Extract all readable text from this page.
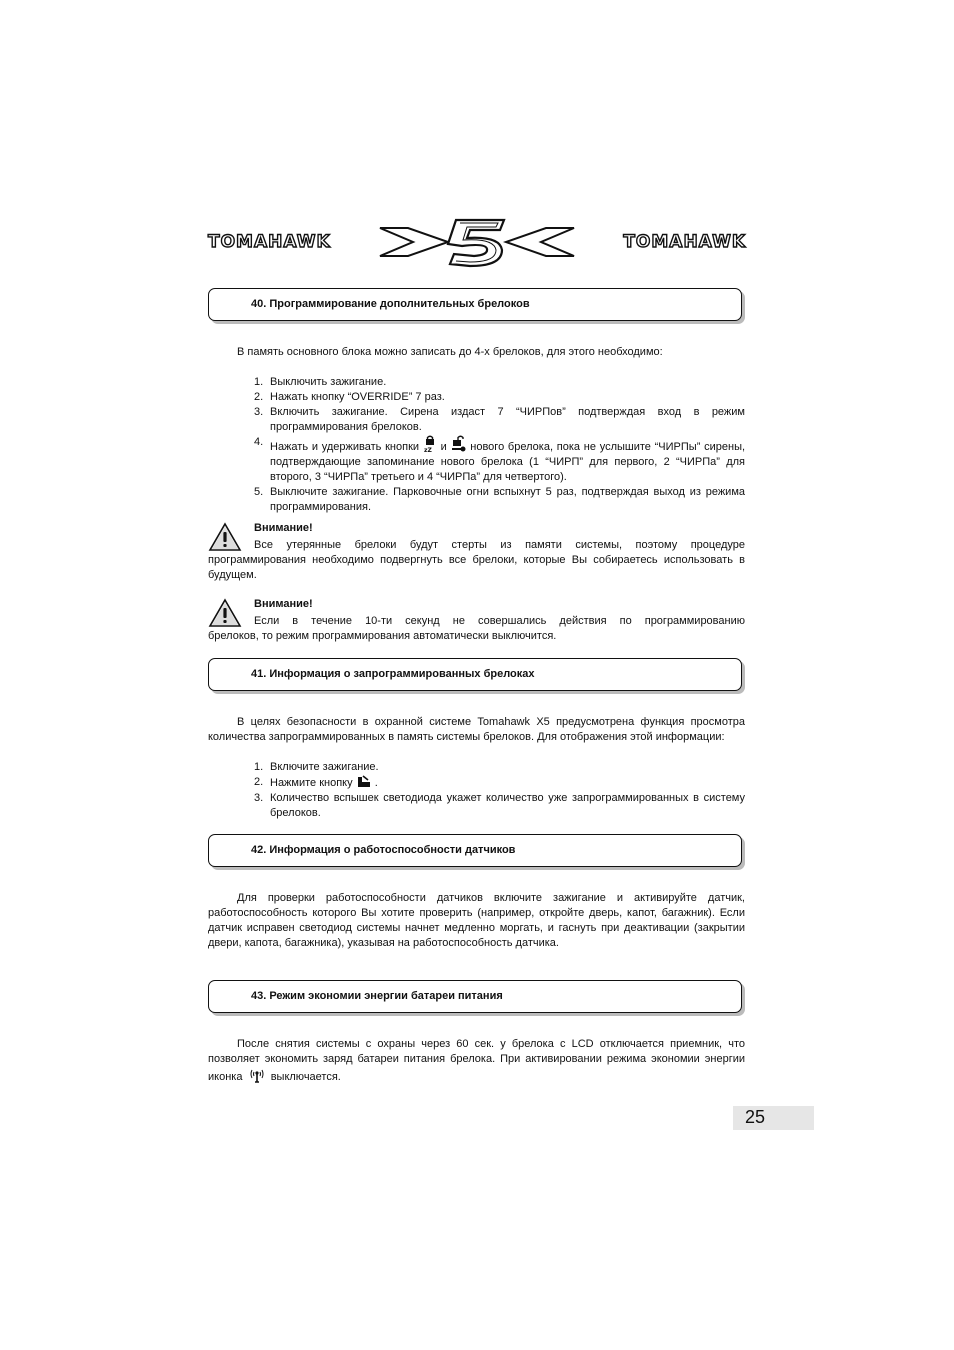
TOMAHAWK	TOMAHAWK
40. Программирование дополнительных брелоков
В память основного блока можно записать до 4-х брелоков, для этого необходимо:
1. Выключить зажигание.
2. Нажать кнопку “OVERRIDE” 7 раз.
3. Включить зажигание. Сирена издаст 7 “ЧИРПов” подтверждая вход в режим программирования брелоков.
4. Нажать и удерживать кнопки zZ и нового брелока, пока не услышите “ЧИРПы” сирены, подтверждающие запоминание нового брелока (1 “ЧИРП” для первого, 2 “ЧИРПа” для второго, 3 “ЧИРПа” третьего и 4 “ЧИРПа” для четвертого).
5. Выключите зажигание. Парковочные огни вспыхнут 5 раз, подтверждая выход из режима программирования.
Внимание!
Все утерянные брелоки будут стерты из памяти системы, поэтому процедуре
программирования необходимо подвергнуть все брелоки, которые Вы собираетесь использовать в будущем.
Внимание!
Если в течение 10-ти секунд не совершались действия по программированию
брелоков, то режим программирования автоматически выключится.
41. Информация о запрограммированных брелоках
В целях безопасности в охранной системе Tomahawk X5 предусмотрена функция просмотра количества запрограммированных в память системы брелоков. Для отображения этой информации:
1. Включите зажигание.
2. Нажмите кнопку .
3. Количество вспышек светодиода укажет количество уже запрограммированных в систему брелоков.
42. Информация о работоспособности датчиков
Для проверки работоспособности датчиков включите зажигание и активируйте датчик, работоспособность которого Вы хотите проверить (например, откройте дверь, капот, багажник). Если датчик исправен светодиод системы начнет медленно моргать, и гаснуть при деактивации (закрытии двери, капота, багажника), указывая на работоспособность датчика.
43. Режим экономии энергии батареи питания
После снятия системы с охраны через 60 сек. у брелока с LCD отключается приемник, что позволяет экономить заряд батареи питания брелока. При активировании режима экономии энергии иконка	выключается.
25
